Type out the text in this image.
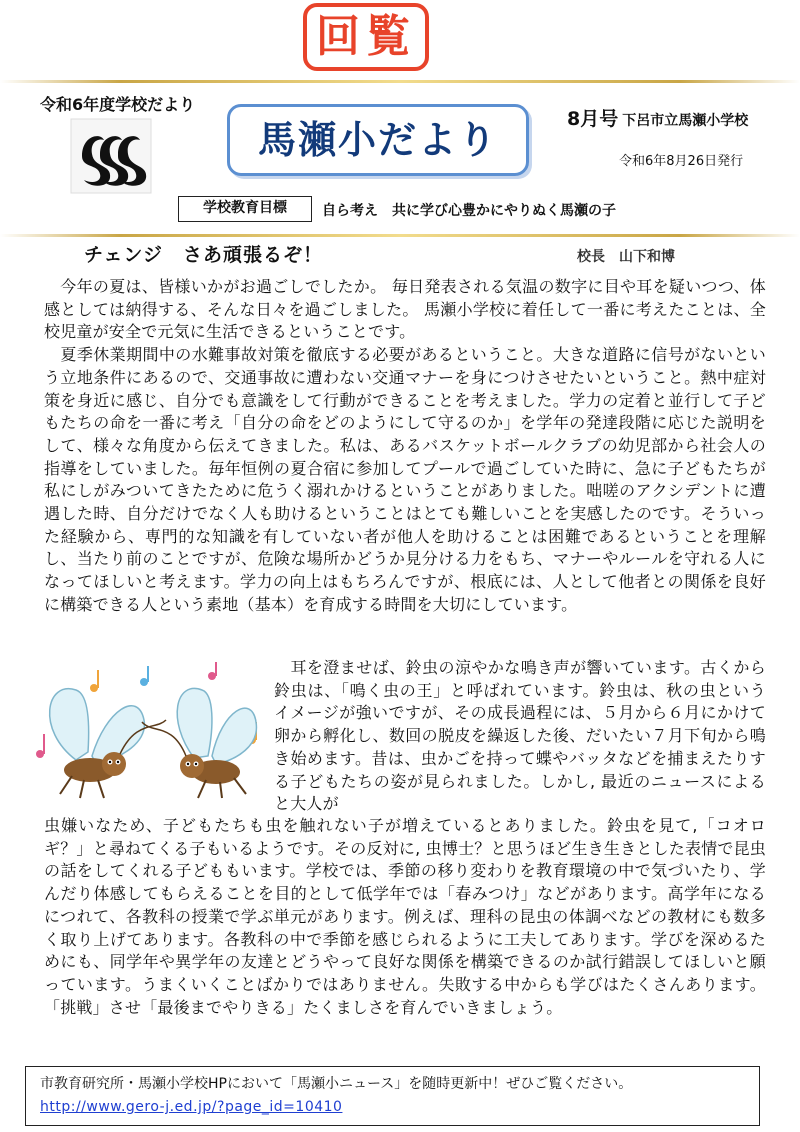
回覧
令和6年度学校だより
馬瀬小だより	8月号 下呂市立馬瀬小学校
令和6年8月26日発行
学校教育目標	自ら考え　共に学び心豊かにやりぬく馬瀬の子
チェンジ　さあ頑張るぞ！	校長　山下和博
　今年の夏は、皆様いかがお過ごしでしたか。 毎日発表される気温の数字に目や耳を疑いつつ、体感としては納得する、そんな日々を過ごしました。 馬瀬小学校に着任して一番に考えたことは、全校児童が安全で元気に生活できるということです。
　夏季休業期間中の水難事故対策を徹底する必要があるということ。大きな道路に信号がないという立地条件にあるので、交通事故に遭わない交通マナーを身につけさせたいということ。熱中症対策を身近に感じ、自分でも意識をして行動ができることを考えました。学力の定着と並行して子どもたちの命を一番に考え「自分の命をどのようにして守るのか」を学年の発達段階に応じた説明をして、様々な角度から伝えてきました。私は、あるバスケットボールクラブの幼児部から社会人の指導をしていました。毎年恒例の夏合宿に参加してプールで過ごしていた時に、急に子どもたちが私にしがみついてきたために危うく溺れかけるということがありました。咄嗟のアクシデントに遭遇した時、自分だけでなく人も助けるということはとても難しいことを実感したのです。そういった経験から、専門的な知識を有していない者が他人を助けることは困難であるということを理解し、当たり前のことですが、危険な場所かどうか見分ける力をもち、マナーやルールを守れる人になってほしいと考えます。学力の向上はもちろんですが、根底には、人として他者との関係を良好に構築できる人という素地（基本）を育成する時間を大切にしています。
　耳を澄ませば、鈴虫の涼やかな鳴き声が響いています。古くから鈴虫は、「鳴く虫の王」と呼ばれています。鈴虫は、秋の虫というイメージが強いですが、その成長過程には、５月から６月にかけて卵から孵化し、数回の脱皮を繰返した後、だいたい７月下旬から鳴き始めます。昔は、虫かごを持って蝶やバッタなどを捕まえたりする子どもたちの姿が見られました。しかし, 最近のニュースによると大人が
虫嫌いなため、子どもたちも虫を触れない子が増えているとありました。鈴虫を見て,「コオロギ？」と尋ねてくる子もいるようです。その反対に, 虫博士？と思うほど生き生きとした表情で昆虫の話をしてくれる子どももいます。学校では、季節の移り変わりを教育環境の中で気づいたり、学んだり体感してもらえることを目的として低学年では「春みつけ」などがあります。高学年になるにつれて、各教科の授業で学ぶ単元があります。例えば、理科の昆虫の体調べなどの教材にも数多く取り上げてあります。各教科の中で季節を感じられるように工夫してあります。学びを深めるためにも、同学年や異学年の友達とどうやって良好な関係を構築できるのか試行錯誤してほしいと願っています。うまくいくことばかりではありません。失敗する中からも学びはたくさんあります。「挑戦」させ「最後までやりきる」たくましさを育んでいきましょう。
市教育研究所・馬瀬小学校HPにおいて「馬瀬小ニュース」を随時更新中！ぜひご覧ください。
http://www.gero-j.ed.jp/?page_id=10410
